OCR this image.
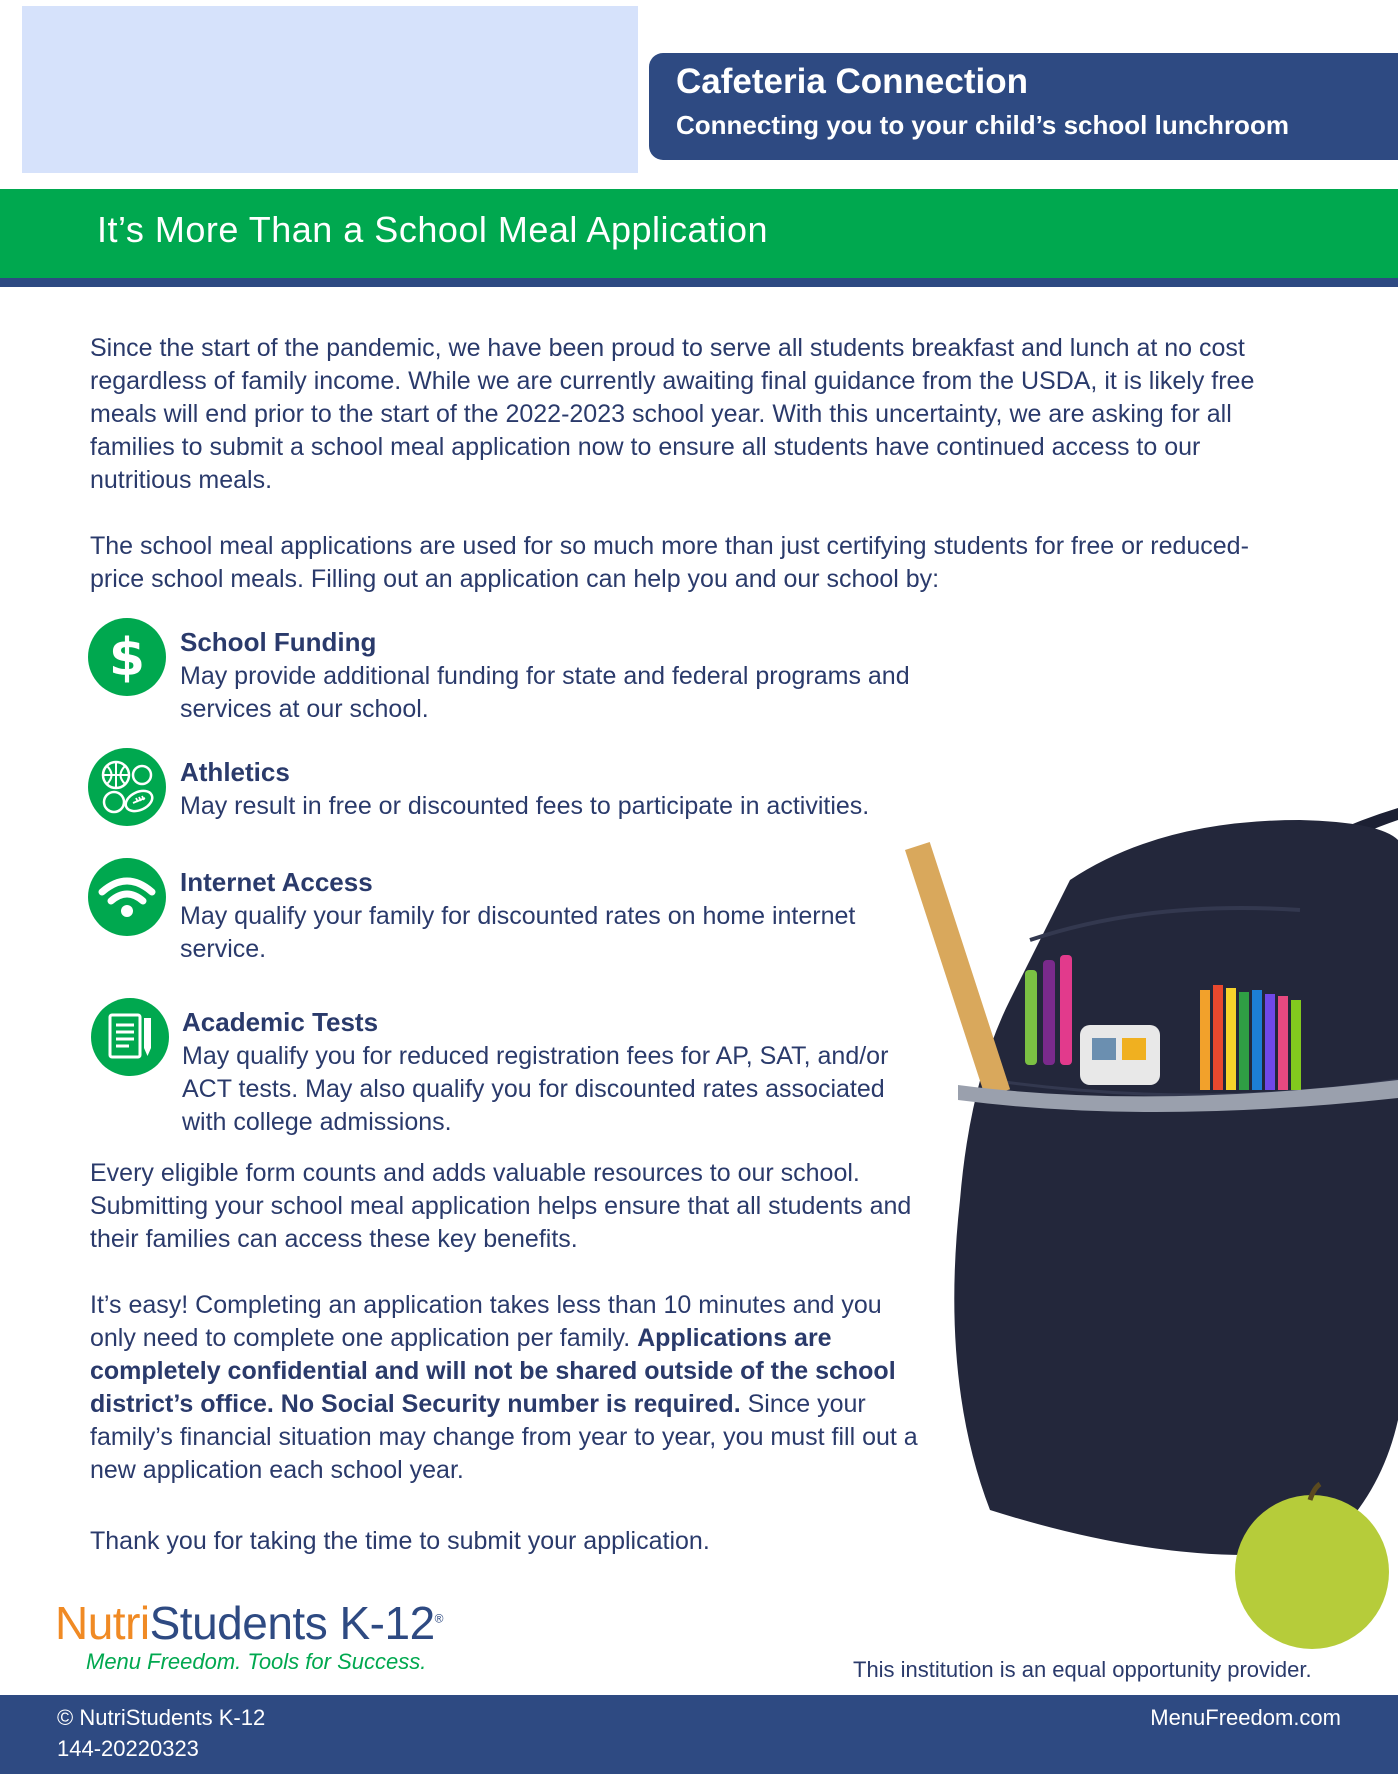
Cafeteria Connection
Connecting you to your child’s school lunchroom
It’s More Than a School Meal Application

Since the start of the pandemic, we have been proud to serve all students breakfast and lunch at no cost regardless of family income. While we are currently awaiting final guidance from the USDA, it is likely free meals will end prior to the start of the 2022-2023 school year. With this uncertainty, we are asking for all families to submit a school meal application now to ensure all students have continued access to our nutritious meals.

The school meal applications are used for so much more than just certifying students for free or reduced-price school meals. Filling out an application can help you and our school by:

$ School Funding
May provide additional funding for state and federal programs and services at our school.
Athletics
May result in free or discounted fees to participate in activities.
Internet Access
May qualify your family for discounted rates on home internet service.
Academic Tests
May qualify you for reduced registration fees for AP, SAT, and/or ACT tests. May also qualify you for discounted rates associated with college admissions.

Every eligible form counts and adds valuable resources to our school. Submitting your school meal application helps ensure that all students and their families can access these key benefits.

It’s easy! Completing an application takes less than 10 minutes and you only need to complete one application per family. Applications are completely confidential and will not be shared outside of the school district’s office. No Social Security number is required. Since your family’s financial situation may change from year to year, you must fill out a new application each school year.

Thank you for taking the time to submit your application.

NutriStudents K-12®
Menu Freedom. Tools for Success.	This institution is an equal opportunity provider.
© NutriStudents K-12
144-20220323
MenuFreedom.com
